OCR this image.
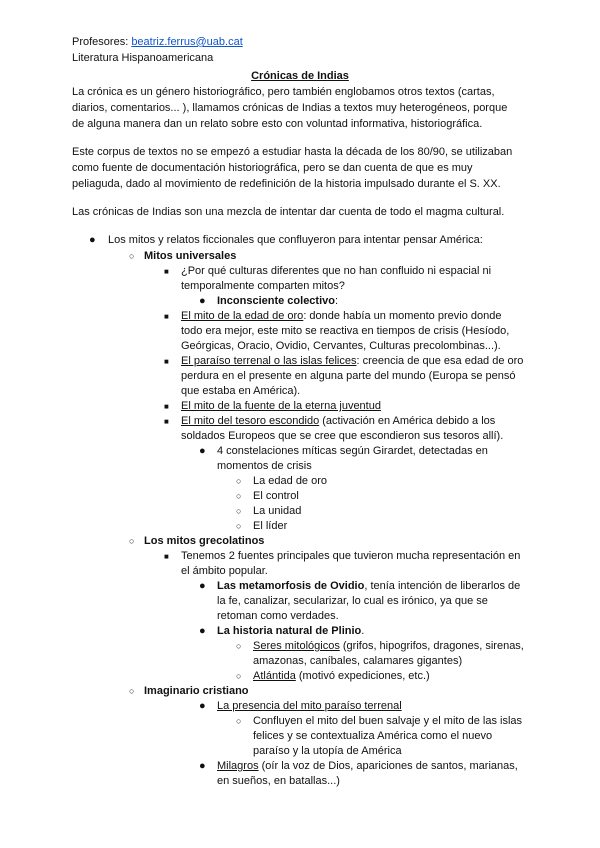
Profesores: beatriz.ferrus@uab.cat
Literatura Hispanoamericana
Crónicas de Indias
La crónica es un género historiográfico, pero también englobamos otros textos (cartas,
diarios, comentarios... ), llamamos crónicas de Indias a textos muy heterogéneos, porque
de alguna manera dan un relato sobre esto con voluntad informativa, historiográfica.
Este corpus de textos no se empezó a estudiar hasta la década de los 80/90, se utilizaban
como fuente de documentación historiográfica, pero se dan cuenta de que es muy
peliaguda, dado al movimiento de redefinición de la historia impulsado durante el S. XX.
Las crónicas de Indias son una mezcla de intentar dar cuenta de todo el magma cultural.
● Los mitos y relatos ficcionales que confluyeron para intentar pensar América:
○ Mitos universales
■ ¿Por qué culturas diferentes que no han confluido ni espacial ni
temporalmente comparten mitos?
● Inconsciente colectivo:
■ El mito de la edad de oro: donde había un momento previo donde
todo era mejor, este mito se reactiva en tiempos de crisis (Hesíodo,
Geórgicas, Oracio, Ovidio, Cervantes, Culturas precolombinas...).
■ El paraíso terrenal o las islas felices: creencia de que esa edad de oro
perdura en el presente en alguna parte del mundo (Europa se pensó
que estaba en América).
■ El mito de la fuente de la eterna juventud
■ El mito del tesoro escondido (activación en América debido a los
soldados Europeos que se cree que escondieron sus tesoros allí).
● 4 constelaciones míticas según Girardet, detectadas en
momentos de crisis
○ La edad de oro
○ El control
○ La unidad
○ El líder
○ Los mitos grecolatinos
■ Tenemos 2 fuentes principales que tuvieron mucha representación en
el ámbito popular.
● Las metamorfosis de Ovidio, tenía intención de liberarlos de
la fe, canalizar, secularizar, lo cual es irónico, ya que se
retoman como verdades.
● La historia natural de Plinio.
○ Seres mitológicos (grifos, hipogrifos, dragones, sirenas,
amazonas, caníbales, calamares gigantes)
○ Atlántida (motivó expediciones, etc.)
○ Imaginario cristiano
● La presencia del mito paraíso terrenal
○ Confluyen el mito del buen salvaje y el mito de las islas
felices y se contextualiza América como el nuevo
paraíso y la utopía de América
● Milagros (oír la voz de Dios, apariciones de santos, marianas,
en sueños, en batallas...)
